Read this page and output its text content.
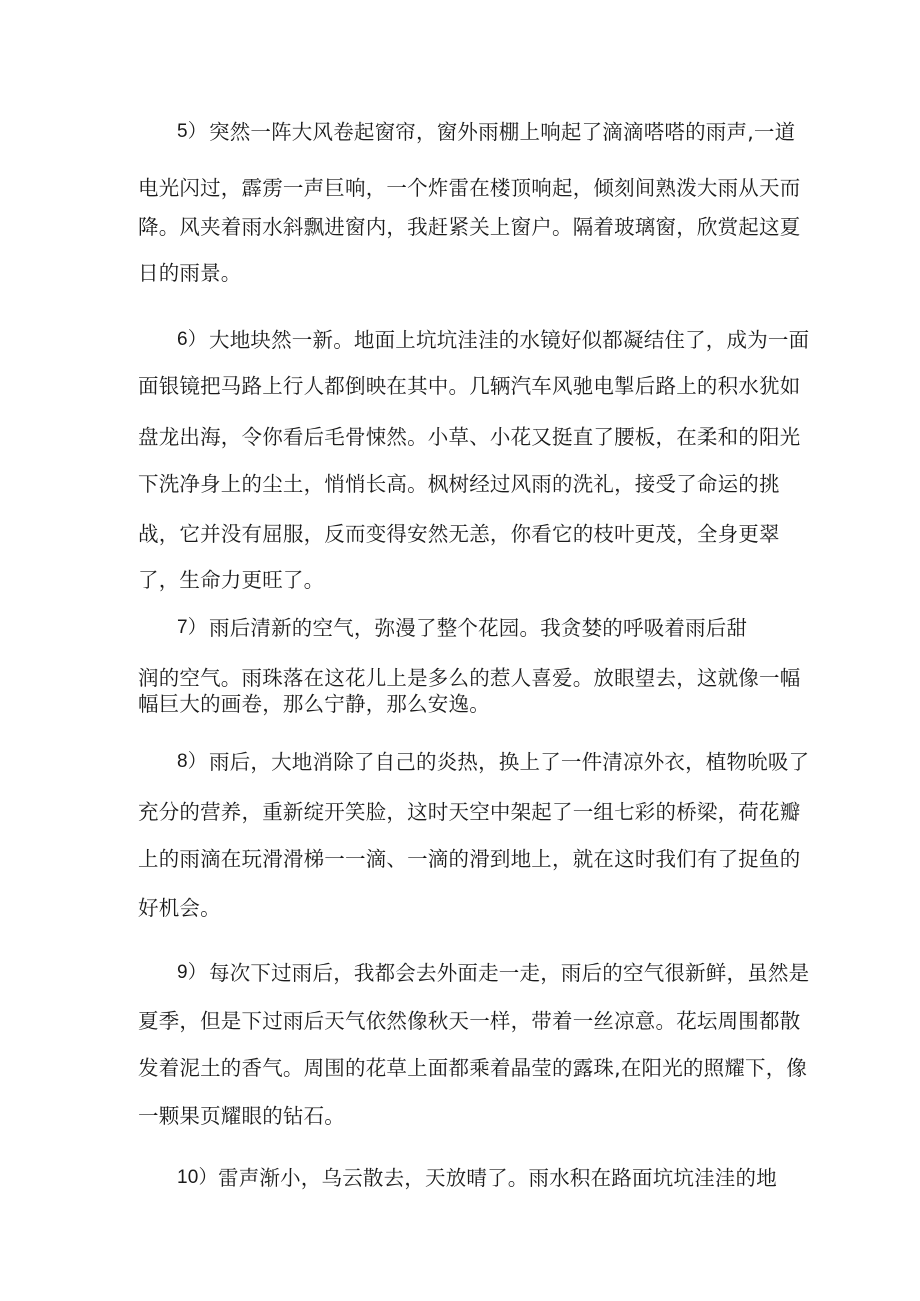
5） 突然一阵大风卷起窗帘，窗外雨棚上响起了滴滴嗒嗒的雨声,一道
电光闪过，霹雳一声巨响，一个炸雷在楼顶响起，倾刻间熟泼大雨从天而
降。风夹着雨水斜飘进窗内，我赶紧关上窗户。隔着玻璃窗，欣赏起这夏
日的雨景。
6） 大地块然一新。地面上坑坑洼洼的水镜好似都凝结住了，成为一面
面银镜把马路上行人都倒映在其中。几辆汽车风驰电掣后路上的积水犹如
盘龙出海，令你看后毛骨悚然。小草、小花又挺直了腰板，在柔和的阳光
下洗净身上的尘土，悄悄长高。枫树经过风雨的洗礼，接受了命运的挑
战，它并没有屈服，反而变得安然无恙，你看它的枝叶更茂，全身更翠
了，生命力更旺了。
7） 雨后清新的空气，弥漫了整个花园。我贪婪的呼吸着雨后甜
润的空气。雨珠落在这花儿上是多么的惹人喜爱。放眼望去，这就像一幅
幅巨大的画卷，那么宁静，那么安逸。
8） 雨后，大地消除了自己的炎热，换上了一件清凉外衣，植物吮吸了
充分的营养，重新绽开笑脸，这时天空中架起了一组七彩的桥梁，荷花瓣
上的雨滴在玩滑滑梯一一滴、一滴的滑到地上，就在这时我们有了捉鱼的
好机会。
9） 每次下过雨后，我都会去外面走一走，雨后的空气很新鲜，虽然是
夏季，但是下过雨后天气依然像秋天一样，带着一丝凉意。花坛周围都散
发着泥土的香气。周围的花草上面都乘着晶莹的露珠,在阳光的照耀下，像
一颗果页耀眼的钻石。
10） 雷声渐小，乌云散去，天放晴了。雨水积在路面坑坑洼洼的地
